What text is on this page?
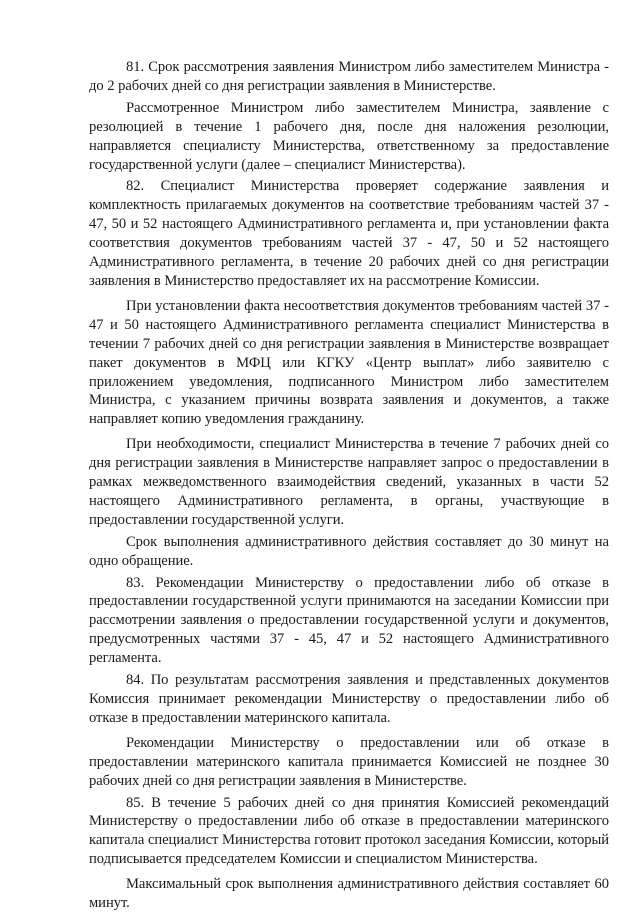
81. Срок рассмотрения заявления Министром либо заместителем Министра - до 2 рабочих дней со дня регистрации заявления в Министерстве.

Рассмотренное Министром либо заместителем Министра, заявление с резолюцией в течение 1 рабочего дня, после дня наложения резолюции, направляется специалисту Министерства, ответственному за предоставление государственной услуги (далее – специалист Министерства).

82. Специалист Министерства проверяет содержание заявления и комплектность прилагаемых документов на соответствие требованиям частей 37 - 47, 50 и 52 настоящего Административного регламента и, при установлении факта соответствия документов требованиям частей 37 - 47, 50 и 52 настоящего Административного регламента, в течение 20 рабочих дней со дня регистрации заявления в Министерство предоставляет их на рассмотрение Комиссии.

При установлении факта несоответствия документов требованиям частей 37 - 47 и 50 настоящего Административного регламента специалист Министерства в течении 7 рабочих дней со дня регистрации заявления в Министерстве возвращает пакет документов в МФЦ или КГКУ «Центр выплат» либо заявителю с приложением уведомления, подписанного Министром либо заместителем Министра, с указанием причины возврата заявления и документов, а также направляет копию уведомления гражданину.

При необходимости, специалист Министерства в течение 7 рабочих дней со дня регистрации заявления в Министерстве направляет запрос о предоставлении в рамках межведомственного взаимодействия сведений, указанных в части 52 настоящего Административного регламента, в органы, участвующие в предоставлении государственной услуги.

Срок выполнения административного действия составляет до 30 минут на одно обращение.

83. Рекомендации Министерству о предоставлении либо об отказе в предоставлении государственной услуги принимаются на заседании Комиссии при рассмотрении заявления о предоставлении государственной услуги и документов, предусмотренных частями 37 - 45, 47 и 52 настоящего Административного регламента.

84. По результатам рассмотрения заявления и представленных документов Комиссия принимает рекомендации Министерству о предоставлении либо об отказе в предоставлении материнского капитала.

Рекомендации Министерству о предоставлении или об отказе в предоставлении материнского капитала принимается Комиссией не позднее 30 рабочих дней со дня регистрации заявления в Министерстве.

85. В течение 5 рабочих дней со дня принятия Комиссией рекомендаций Министерству о предоставлении либо об отказе в предоставлении материнского капитала специалист Министерства готовит протокол заседания Комиссии, который подписывается председателем Комиссии и специалистом Министерства.

Максимальный срок выполнения административного действия составляет 60 минут.
